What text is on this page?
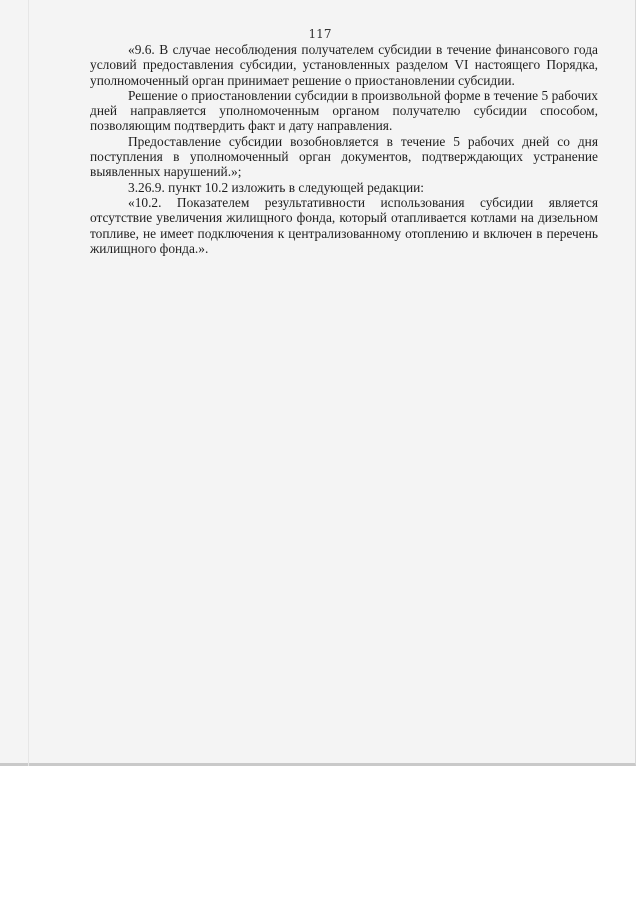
117

«9.6. В случае несоблюдения получателем субсидии в течение финансового года условий предоставления субсидии, установленных разделом VI настоящего Порядка, уполномоченный орган принимает решение о приостановлении субсидии.

Решение о приостановлении субсидии в произвольной форме в течение 5 рабочих дней направляется уполномоченным органом получателю субсидии способом, позволяющим подтвердить факт и дату направления.

Предоставление субсидии возобновляется в течение 5 рабочих дней со дня поступления в уполномоченный орган документов, подтверждающих устранение выявленных нарушений.»;

3.26.9. пункт 10.2 изложить в следующей редакции:

«10.2. Показателем результативности использования субсидии является отсутствие увеличения жилищного фонда, который отапливается котлами на дизельном топливе, не имеет подключения к централизованному отоплению и включен в перечень жилищного фонда.».
